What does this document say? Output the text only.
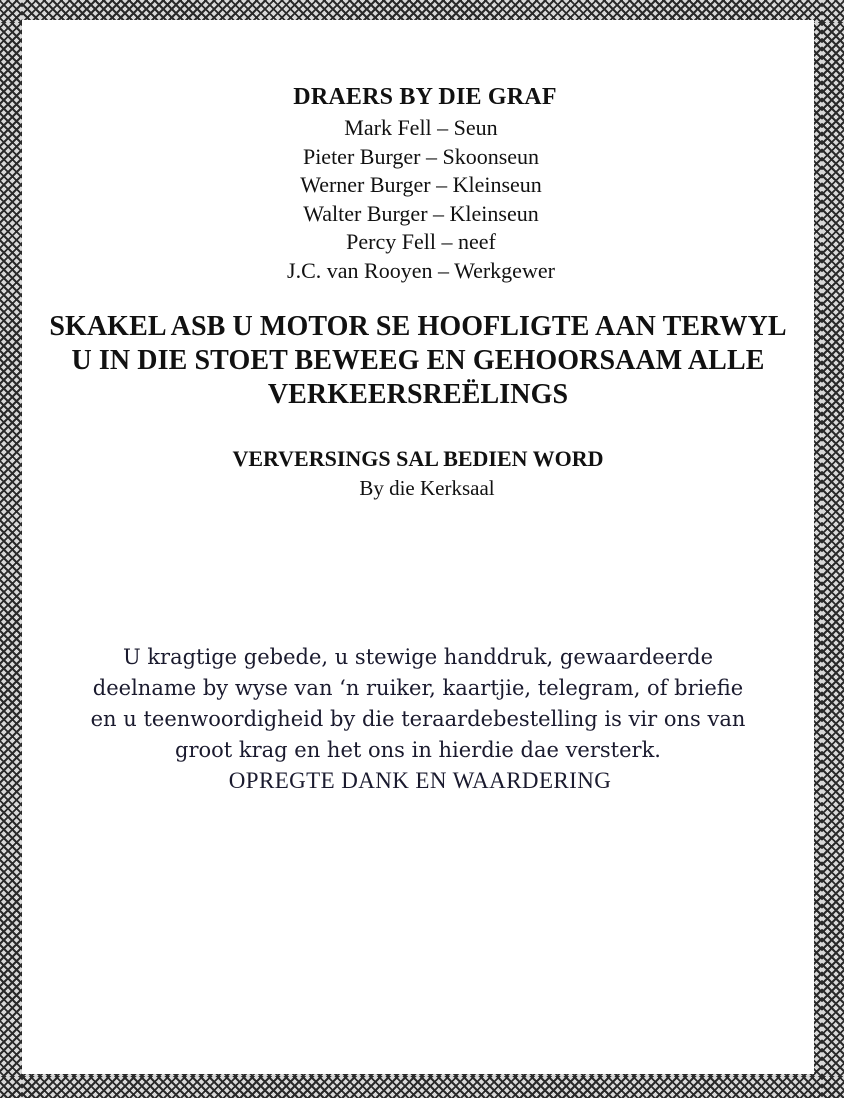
DRAERS BY DIE GRAF
Mark Fell – Seun
Pieter Burger – Skoonseun
Werner Burger – Kleinseun
Walter Burger – Kleinseun
Percy Fell – neef
J.C. van Rooyen – Werkgewer
SKAKEL ASB U MOTOR SE HOOFLIGTE AAN TERWYL
U IN DIE STOET BEWEEG EN GEHOORSAAM ALLE
VERKEERSREËLINGS
VERVERSINGS SAL BEDIEN WORD
By die Kerksaal
U kragtige gebede, u stewige handdruk, gewaardeerde
deelname by wyse van ‘n ruiker, kaartjie, telegram, of briefie
en u teenwoordigheid by die teraardebestelling is vir ons van
groot krag en het ons in hierdie dae versterk.
OPREGTE DANK EN WAARDERING
